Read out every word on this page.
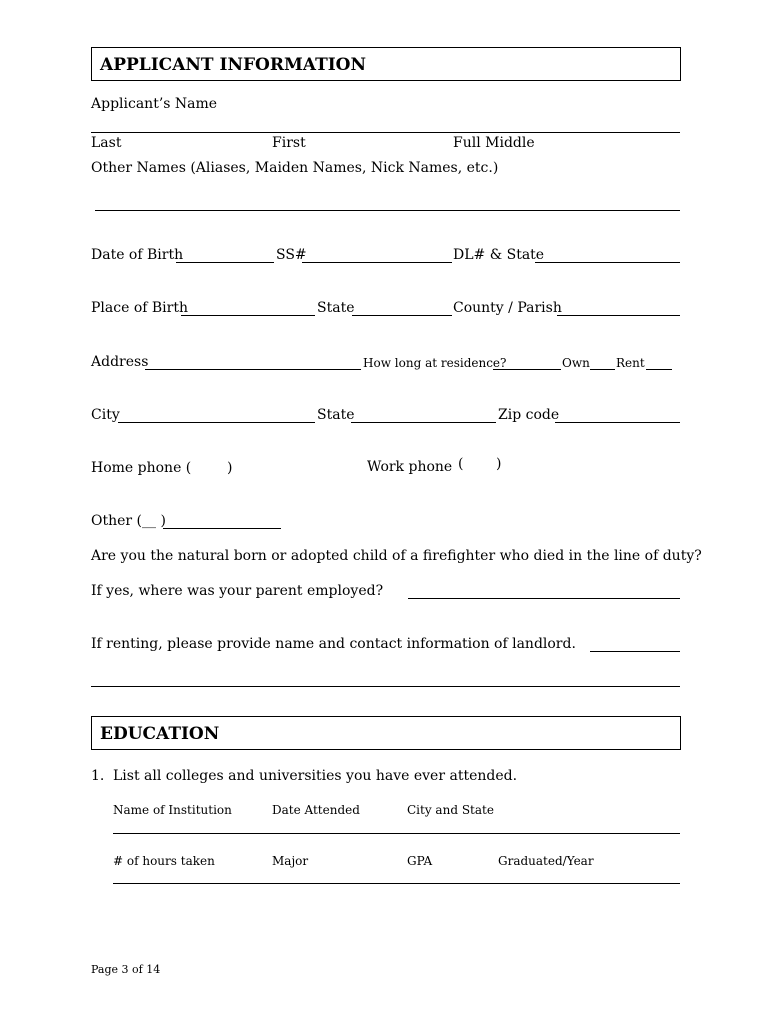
APPLICANT INFORMATION
Applicant’s Name
Last	First	Full Middle
Other Names (Aliases, Maiden Names, Nick Names, etc.)
Date of Birth	SS#	DL# & State
Place of Birth	State	County / Parish
Address	How long at residence?	Own Rent
City	State	Zip code
Home phone (	)	Work phone ( )
Other (__ )
Are you the natural born or adopted child of a firefighter who died in the line of duty?
If yes, where was your parent employed?
If renting, please provide name and contact information of landlord.
EDUCATION
1. List all colleges and universities you have ever attended.
Name of Institution	Date Attended	City and State
# of hours taken	Major	GPA	Graduated/Year
Page 3 of 14
